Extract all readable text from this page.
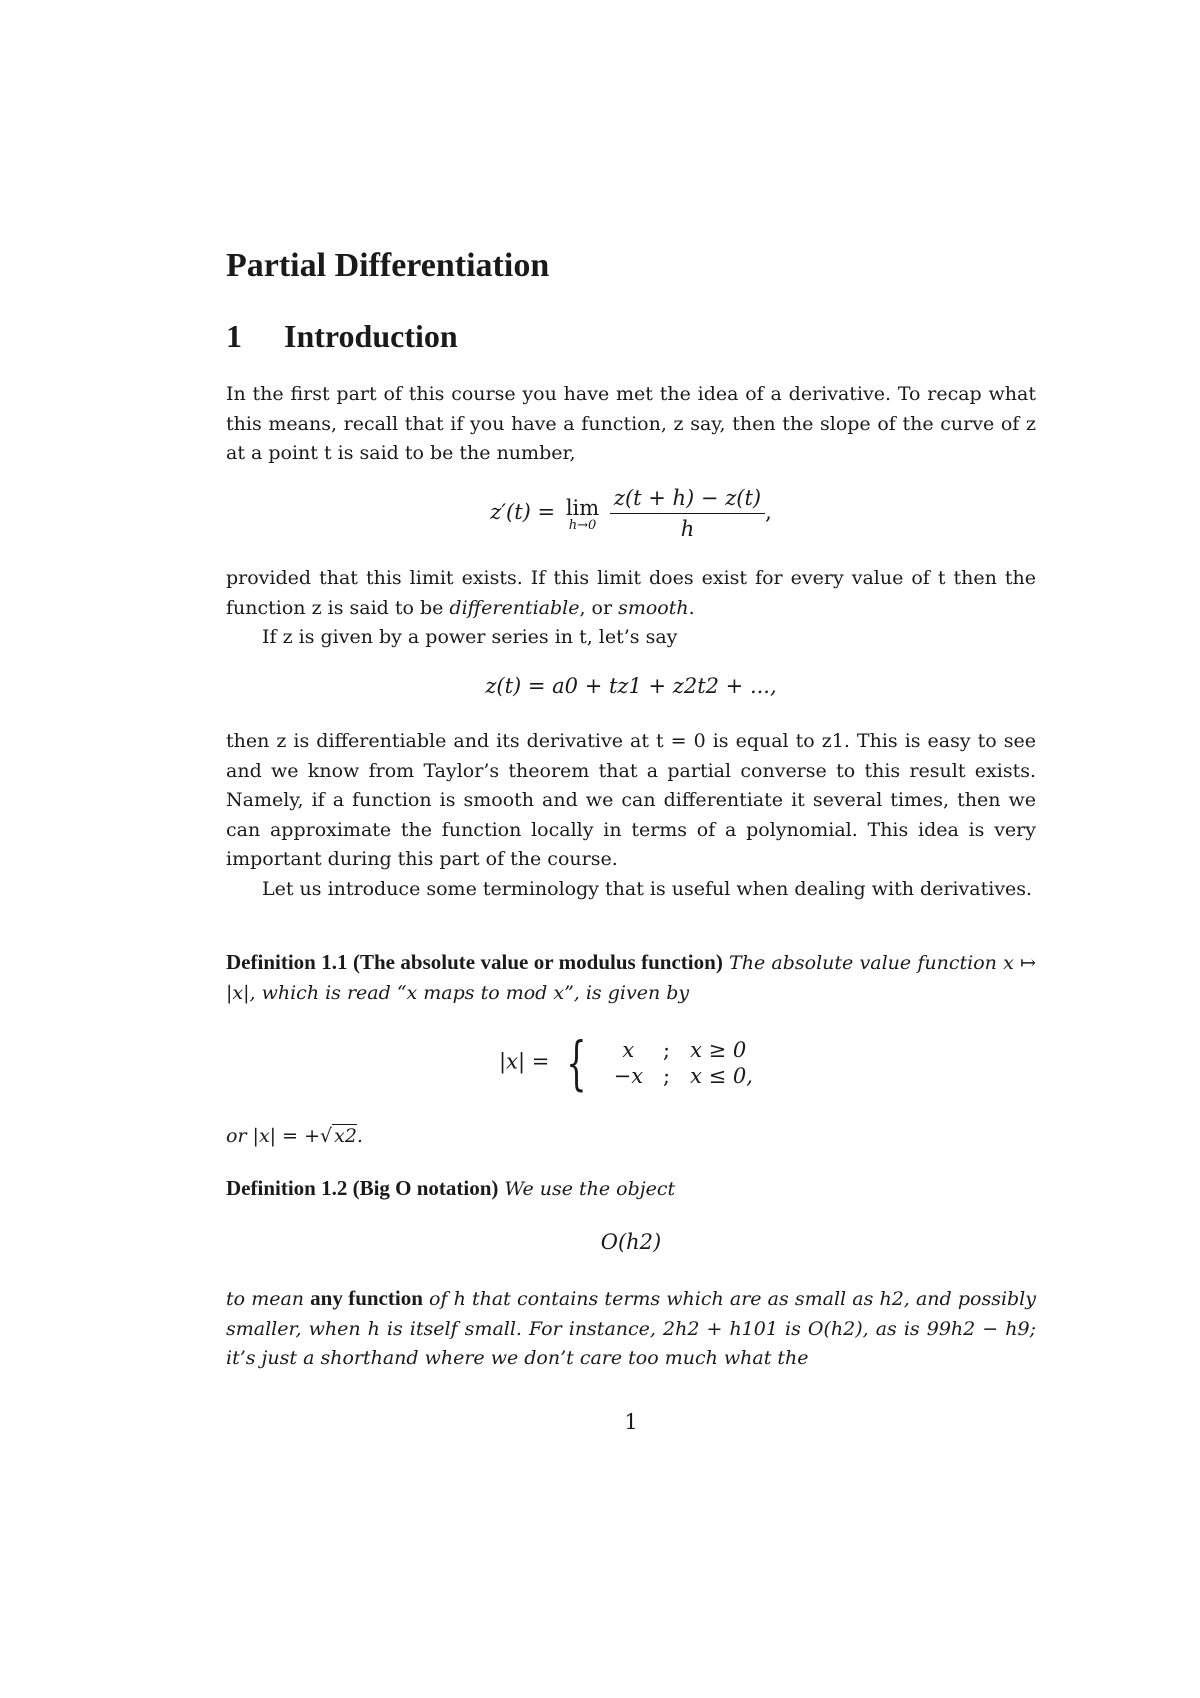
Partial Differentiation
1 Introduction

In the first part of this course you have met the idea of a derivative. To recap what this means, recall that if you have a function, z say, then the slope of the curve of z at a point t is said to be the number,

z′(t) = lim
h→0
$\frac{z(t + h) - z(t)}{h}$ ,

provided that this limit exists. If this limit does exist for every value of t then the function z is said to be differentiable, or smooth.

If z is given by a power series in t, let’s say

z(t) = a0 + tz1 + z2t2 + ...,

then z is differentiable and its derivative at t = 0 is equal to z1. This is easy to see and we know from Taylor’s theorem that a partial converse to this result exists. Namely, if a function is smooth and we can differentiate it several times, then we can approximate the function locally in terms of a polynomial. This idea is very important during this part of the course.

Let us introduce some terminology that is useful when dealing with derivatives.

Definition 1.1 (The absolute value or modulus function) The absolute value function x ↦ |x|, which is read “x maps to mod x”, is given by

|x| = { x	;	x ≥ 0
−x	;	x ≤ 0,

or |x| = +√ x2.

Definition 1.2 (Big O notation) We use the object

O(h2)

to mean any function of h that contains terms which are as small as h2, and possibly smaller, when h is itself small. For instance, 2h2 + h101 is O(h2), as is 99h2 − h9; it’s just a shorthand where we don’t care too much what the

1
